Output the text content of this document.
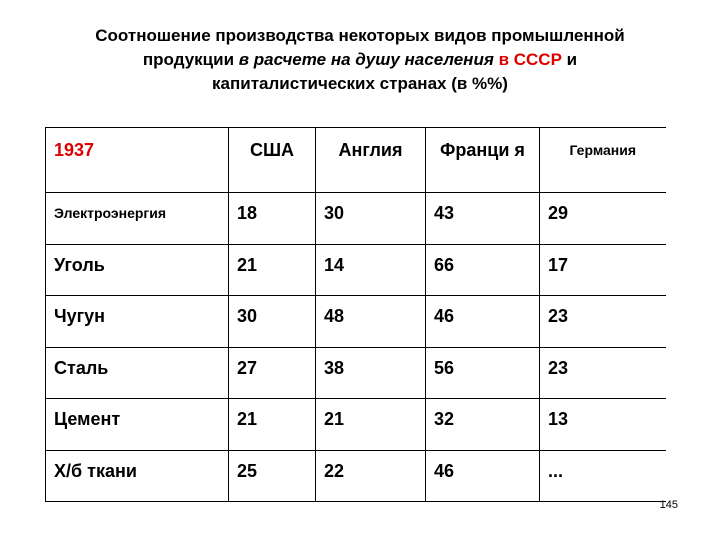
Соотношение производства некоторых видов промышленной
продукции в расчете на душу населения в СССР и
капиталистических странах (в %%)
1937	США	Англия	Франци я	Германия
Электроэнергия	18	30	43	29
Уголь	21	14	66	17
Чугун	30	48	46	23
Сталь	27	38	56	23
Цемент	21	21	32	13
Х/б ткани	25	22	46	...
145
